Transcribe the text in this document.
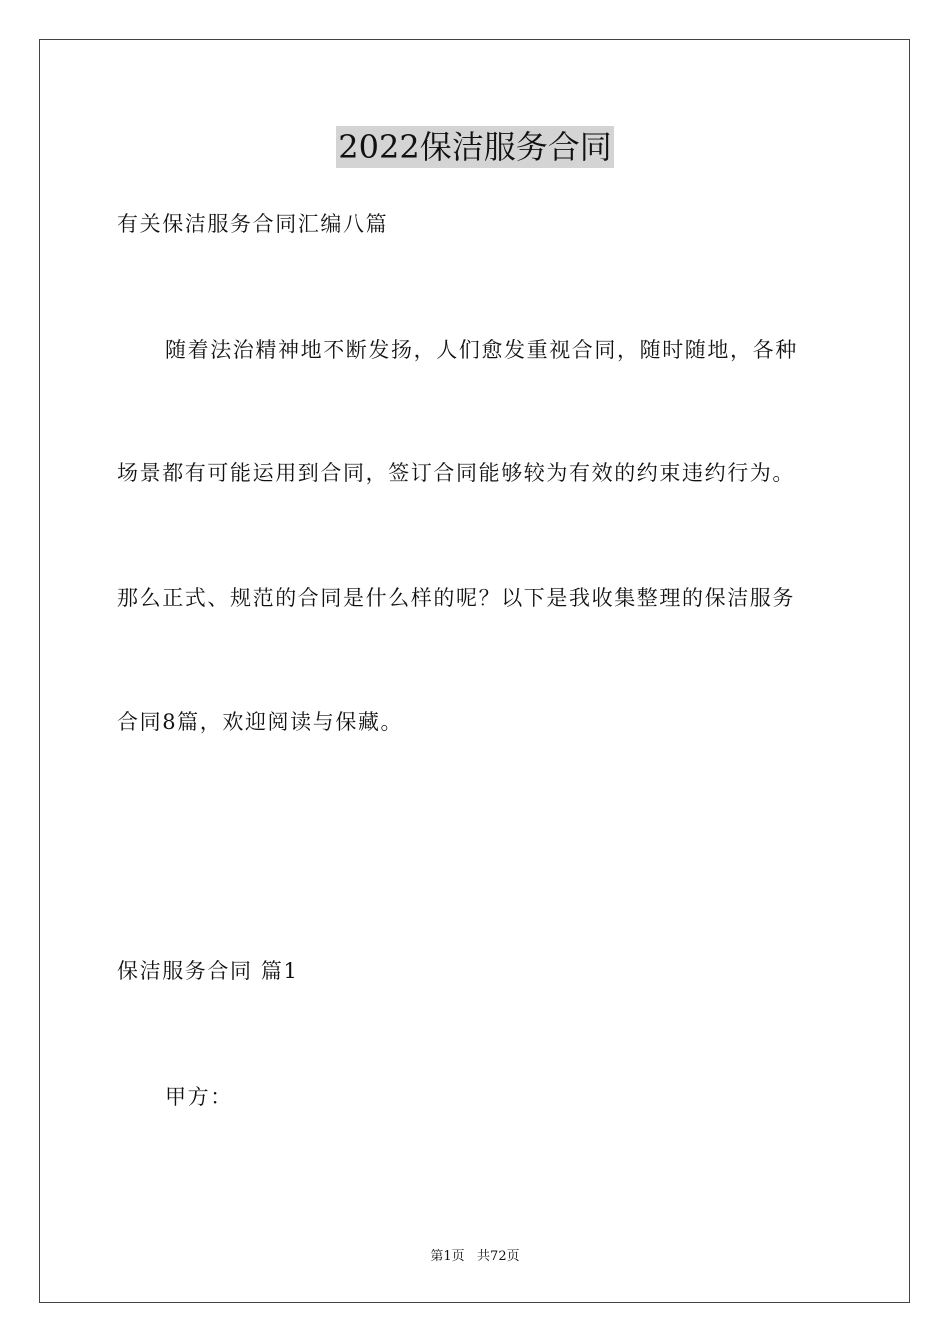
2022保洁服务合同
有关保洁服务合同汇编八篇
随着法治精神地不断发扬，人们愈发重视合同，随时随地，各种
场景都有可能运用到合同，签订合同能够较为有效的约束违约行为。
那么正式、规范的合同是什么样的呢？以下是我收集整理的保洁服务
合同8篇，欢迎阅读与保藏。
保洁服务合同 篇1
甲方：
第1页   共72页
